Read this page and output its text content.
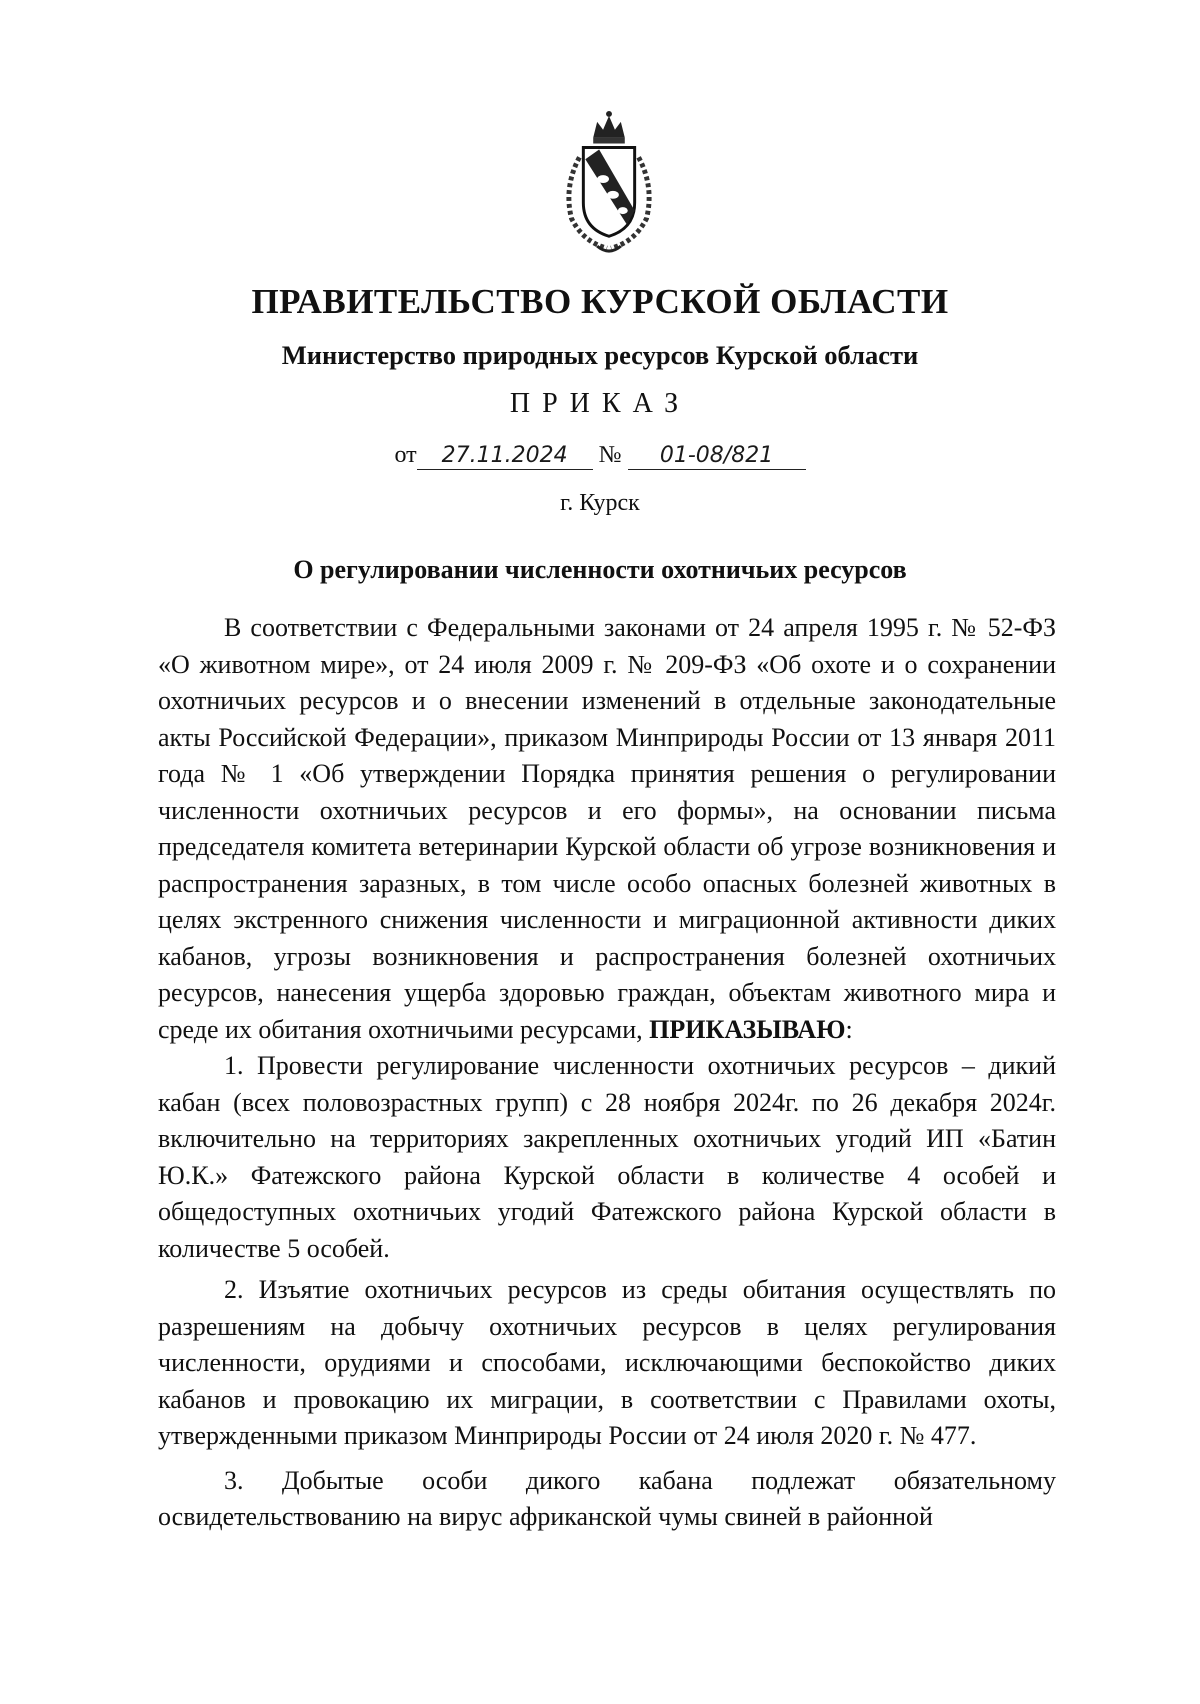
ПРАВИТЕЛЬСТВО КУРСКОЙ ОБЛАСТИ
Министерство природных ресурсов Курской области
ПРИКАЗ
от 27.11.2024 № 01-08/821
г. Курск
О регулировании численности охотничьих ресурсов

В соответствии с Федеральными законами от 24 апреля 1995 г. № 52-ФЗ «О животном мире», от 24 июля 2009 г. № 209-ФЗ «Об охоте и о сохранении охотничьих ресурсов и о внесении изменений в отдельные законодательные акты Российской Федерации», приказом Минприроды России от 13 января 2011 года № 1 «Об утверждении Порядка принятия решения о регулировании численности охотничьих ресурсов и его формы», на основании письма председателя комитета ветеринарии Курской области об угрозе возникновения и распространения заразных, в том числе особо опасных болезней животных в целях экстренного снижения численности и миграционной активности диких кабанов, угрозы возникновения и распространения болезней охотничьих ресурсов, нанесения ущерба здоровью граждан, объектам животного мира и среде их обитания охотничьими ресурсами, ПРИКАЗЫВАЮ:

1. Провести регулирование численности охотничьих ресурсов – дикий кабан (всех половозрастных групп) с 28 ноября 2024г. по 26 декабря 2024г. включительно на территориях закрепленных охотничьих угодий ИП «Батин Ю.К.» Фатежского района Курской области в количестве 4 особей и общедоступных охотничьих угодий Фатежского района Курской области в количестве 5 особей.

2. Изъятие охотничьих ресурсов из среды обитания осуществлять по разрешениям на добычу охотничьих ресурсов в целях регулирования численности, орудиями и способами, исключающими беспокойство диких кабанов и провокацию их миграции, в соответствии с Правилами охоты, утвержденными приказом Минприроды России от 24 июля 2020 г. № 477.

3. Добытые особи дикого кабана подлежат обязательному освидетельствованию на вирус африканской чумы свиней в районной
